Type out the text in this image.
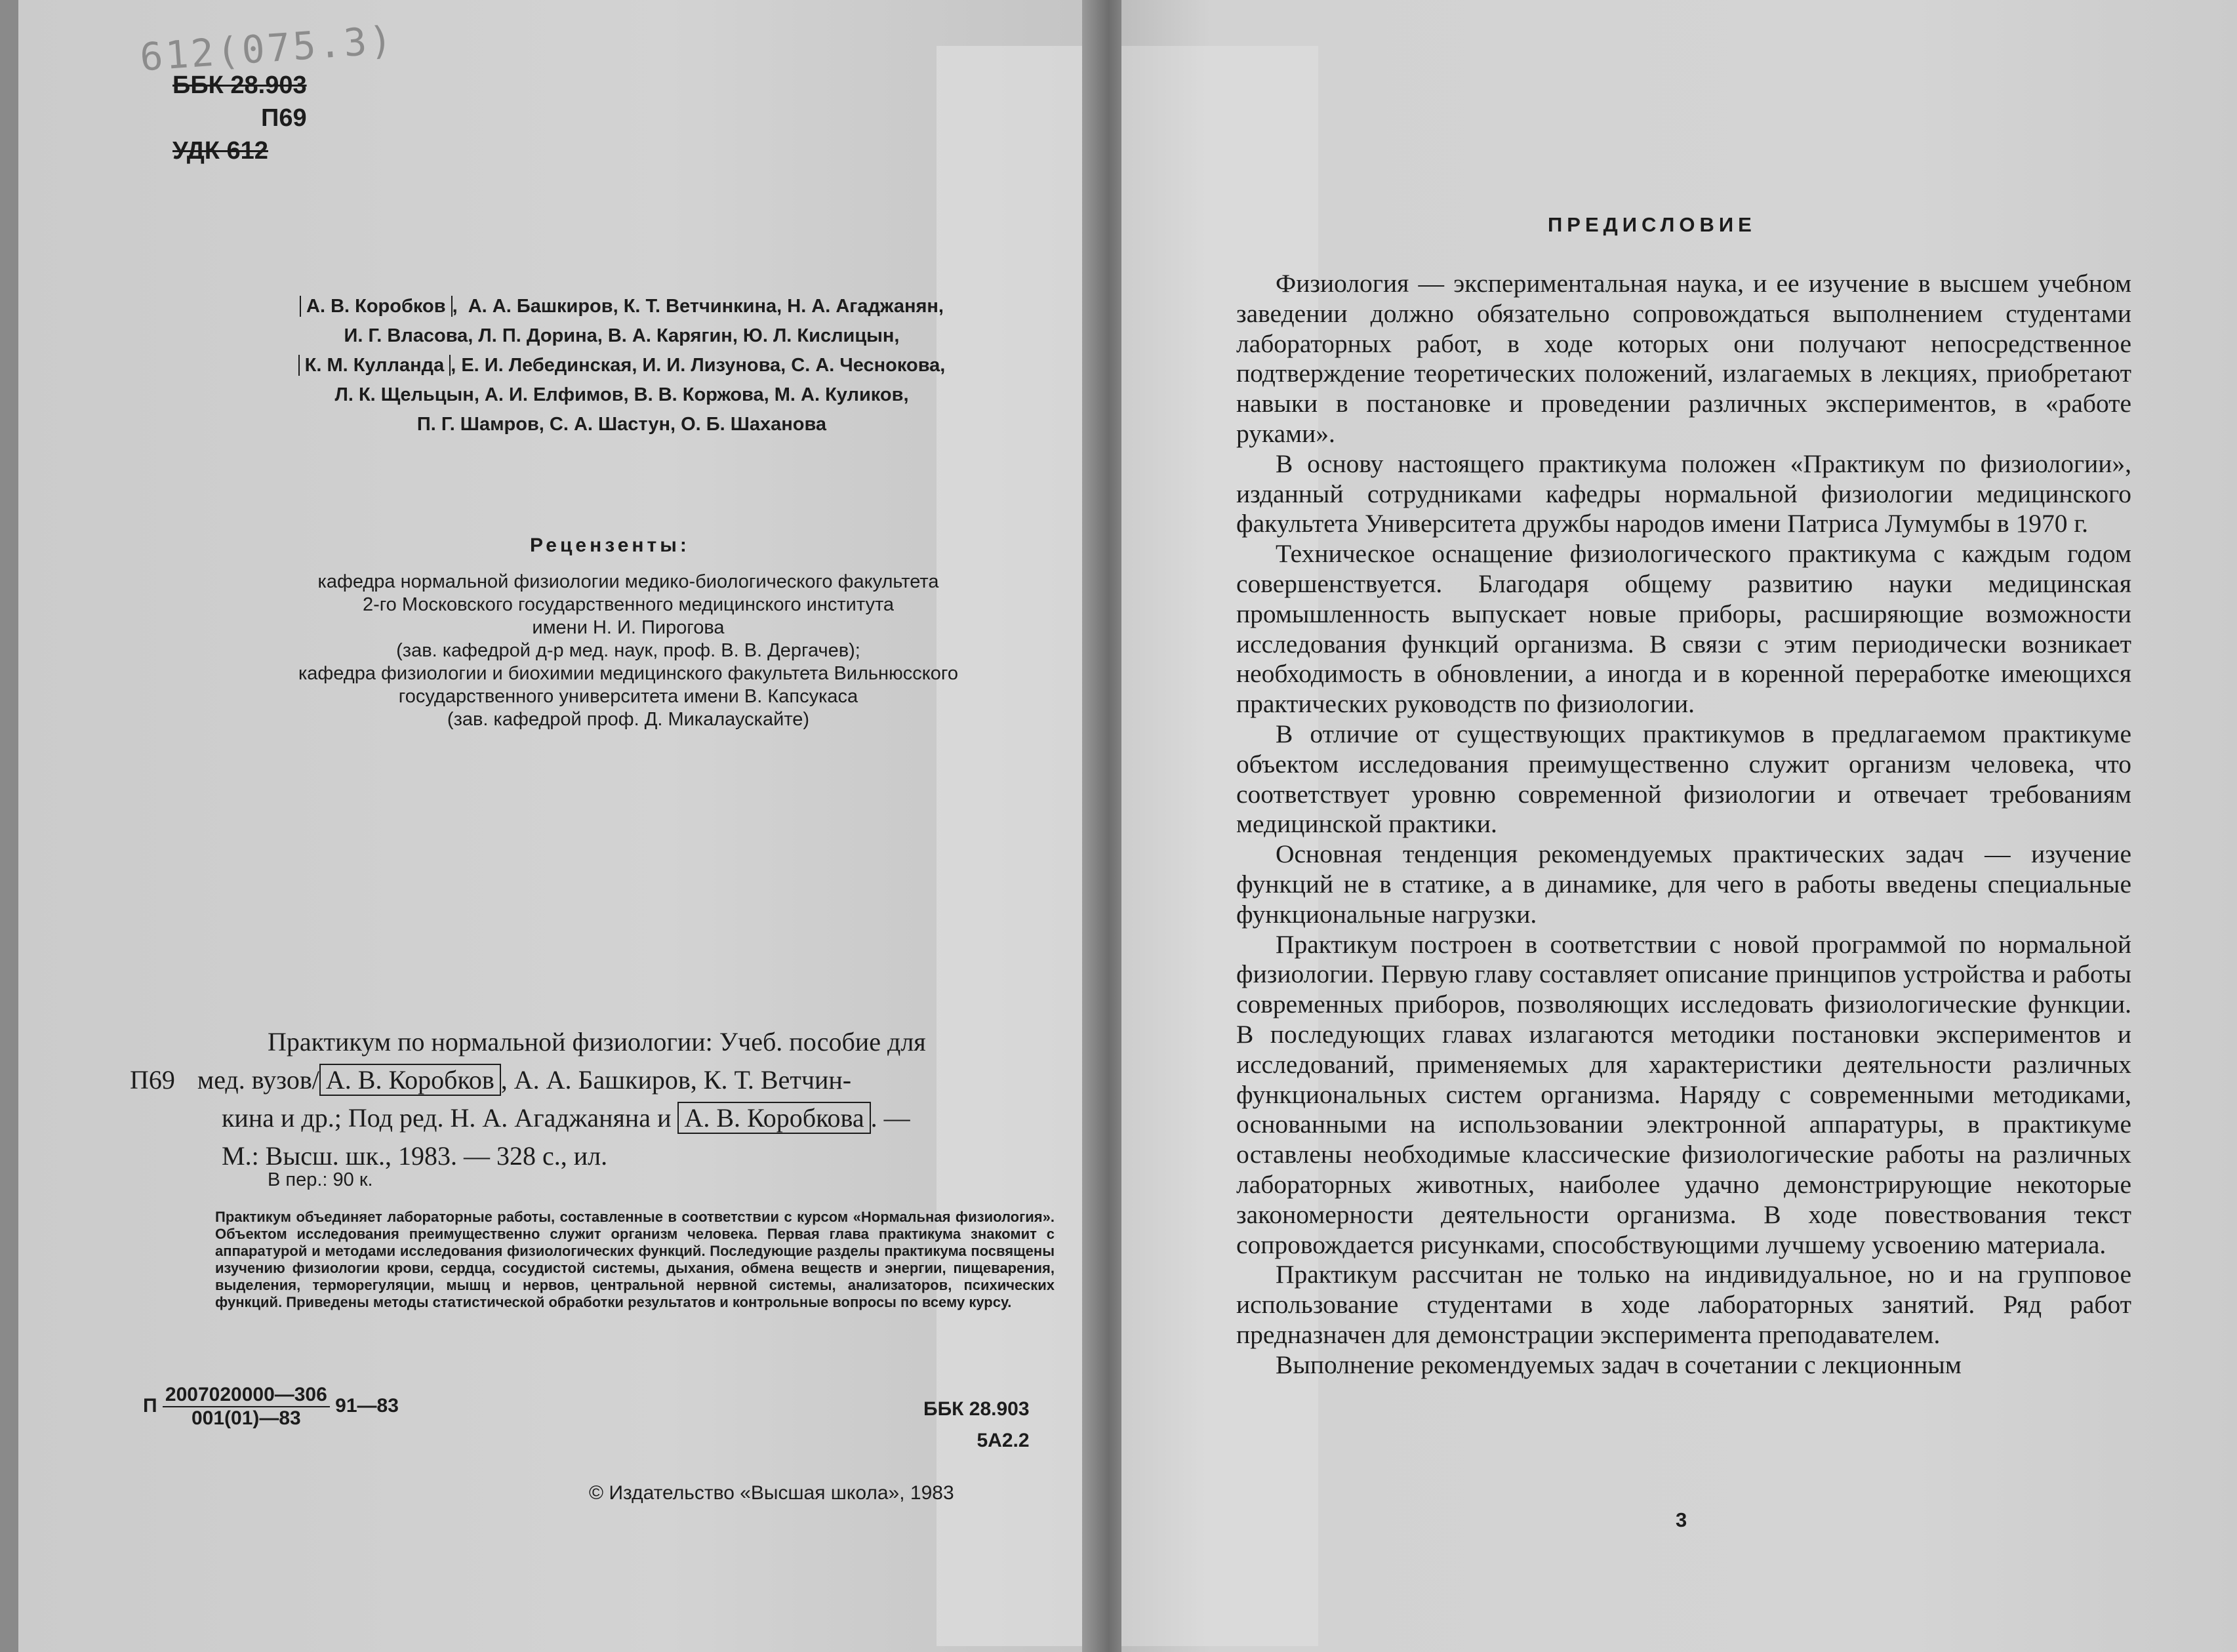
612(075.3)
ББК 28.903
П69
УДК 612
А. В. Коробков ,  А. А. Башкиров, К. Т. Ветчинкина, Н. А. Агаджанян,
И. Г. Власова, Л. П. Дорина, В. А. Карягин, Ю. Л. Кислицын,
К. М. Кулланда , Е. И. Лебединская, И. И. Лизунова, С. А. Чеснокова,
Л. К. Щельцын, А. И. Елфимов, В. В. Коржова, М. А. Куликов,
П. Г. Шамров, С. А. Шастун, О. Б. Шаханова
Рецензенты:
кафедра нормальной физиологии медико-биологического факультета
2-го Московского государственного медицинского института
имени Н. И. Пирогова
(зав. кафедрой д-р мед. наук, проф. В. В. Дергачев);
кафедра физиологии и биохимии медицинского факультета Вильнюсского
государственного университета имени В. Капсукаса
(зав. кафедрой проф. Д. Микалаускайте)
Практикум по нормальной физиологии: Учеб. пособие для
П69 мед. вузов/ А. В. Коробков , А. А. Башкиров, К. Т. Ветчин-
кина и др.; Под ред. Н. А. Агаджаняна и А. В. Коробкова . —
М.: Высш. шк., 1983. — 328 с., ил.
В пер.: 90 к.
Практикум объединяет лабораторные работы, составленные в соответствии с курсом «Нормальная физиология». Объектом исследования преимущественно служит организм человека. Первая глава практикума знакомит с аппаратурой и методами исследования физиологических функций. Последующие разделы практикума посвящены изучению физиологии крови, сердца, сосудистой системы, дыхания, обмена веществ и энергии, пищеварения, выделения, терморегуляции, мышц и нервов, центральной нервной системы, анализаторов, психических функций. Приведены методы статистической обработки результатов и контрольные вопросы по всему курсу.
П $\frac{2007020000—306}{001(01)—83}$ 91—83	ББК 28.903
5А2.2
© Издательство «Высшая школа», 1983
ПРЕДИСЛОВИЕ

Физиология — экспериментальная наука, и ее изучение в высшем учебном заведении должно обязательно сопровождаться выполнением студентами лабораторных работ, в ходе которых они получают непосредственное подтверждение теоретических положений, излагаемых в лекциях, приобретают навыки в постановке и проведении различных экспериментов, в «работе руками».

В основу настоящего практикума положен «Практикум по физиологии», изданный сотрудниками кафедры нормальной физиологии медицинского факультета Университета дружбы народов имени Патриса Лумумбы в 1970 г.

Техническое оснащение физиологического практикума с каждым годом совершенствуется. Благодаря общему развитию науки медицинская промышленность выпускает новые приборы, расширяющие возможности исследования функций организма. В связи с этим периодически возникает необходимость в обновлении, а иногда и в коренной переработке имеющихся практических руководств по физиологии.

В отличие от существующих практикумов в предлагаемом практикуме объектом исследования преимущественно служит организм человека, что соответствует уровню современной физиологии и отвечает требованиям медицинской практики.

Основная тенденция рекомендуемых практических задач — изучение функций не в статике, а в динамике, для чего в работы введены специальные функциональные нагрузки.

Практикум построен в соответствии с новой программой по нормальной физиологии. Первую главу составляет описание принципов устройства и работы современных приборов, позволяющих исследовать физиологические функции. В последующих главах излагаются методики постановки экспериментов и исследований, применяемых для характеристики деятельности различных функциональных систем организма. Наряду с современными методиками, основанными на использовании электронной аппаратуры, в практикуме оставлены необходимые классические физиологические работы на различных лабораторных животных, наиболее удачно демонстрирующие некоторые закономерности деятельности организма. В ходе повествования текст сопровождается рисунками, способствующими лучшему усвоению материала.

Практикум рассчитан не только на индивидуальное, но и на групповое использование студентами в ходе лабораторных занятий. Ряд работ предназначен для демонстрации эксперимента преподавателем.

Выполнение рекомендуемых задач в сочетании с лекционным

3
